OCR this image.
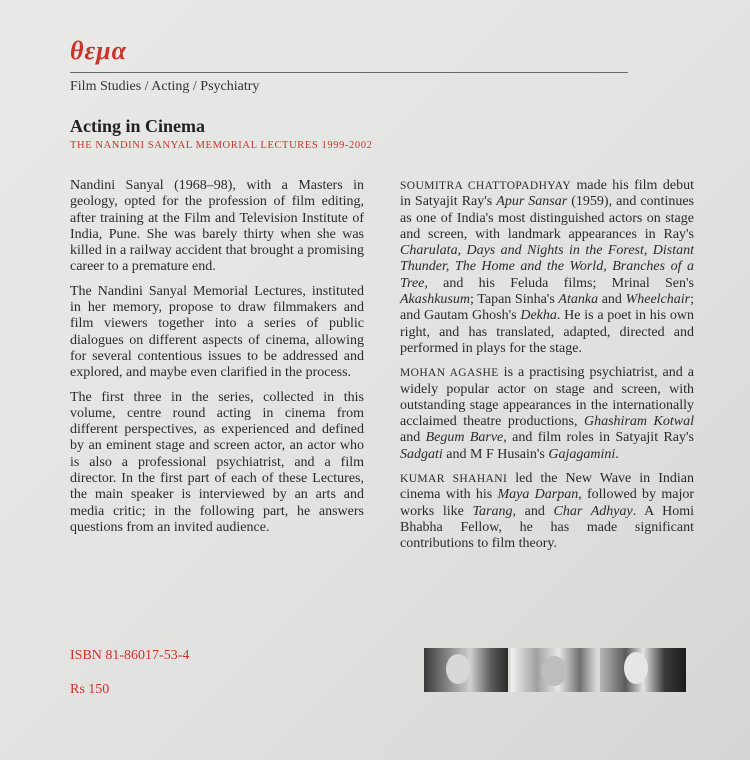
θεμα
Film Studies / Acting / Psychiatry
Acting in Cinema
THE NANDINI SANYAL MEMORIAL LECTURES 1999-2002

Nandini Sanyal (1968–98), with a Masters in geology, opted for the profession of film editing, after training at the Film and Television Institute of India, Pune. She was barely thirty when she was killed in a railway accident that brought a promising career to a premature end.

The Nandini Sanyal Memorial Lectures, instituted in her memory, propose to draw filmmakers and film viewers together into a series of public dialogues on different aspects of cinema, allowing for several contentious issues to be addressed and explored, and maybe even clarified in the process.

The first three in the series, collected in this volume, centre round acting in cinema from different perspectives, as experienced and defined by an eminent stage and screen actor, an actor who is also a professional psychiatrist, and a film director. In the first part of each of these Lectures, the main speaker is interviewed by an arts and media critic; in the following part, he answers questions from an invited audience.

SOUMITRA CHATTOPADHYAY made his film debut in Satyajit Ray's Apur Sansar (1959), and continues as one of India's most distinguished actors on stage and screen, with landmark appearances in Ray's Charulata, Days and Nights in the Forest, Distant Thunder, The Home and the World, Branches of a Tree, and his Feluda films; Mrinal Sen's Akashkusum; Tapan Sinha's Atanka and Wheelchair; and Gautam Ghosh's Dekha. He is a poet in his own right, and has translated, adapted, directed and performed in plays for the stage.

MOHAN AGASHE is a practising psychiatrist, and a widely popular actor on stage and screen, with outstanding stage appearances in the internationally acclaimed theatre productions, Ghashiram Kotwal and Begum Barve, and film roles in Satyajit Ray's Sadgati and M F Husain's Gajagamini.

KUMAR SHAHANI led the New Wave in Indian cinema with his Maya Darpan, followed by major works like Tarang, and Char Adhyay. A Homi Bhabha Fellow, he has made significant contributions to film theory.

ISBN 81-86017-53-4
Rs 150
